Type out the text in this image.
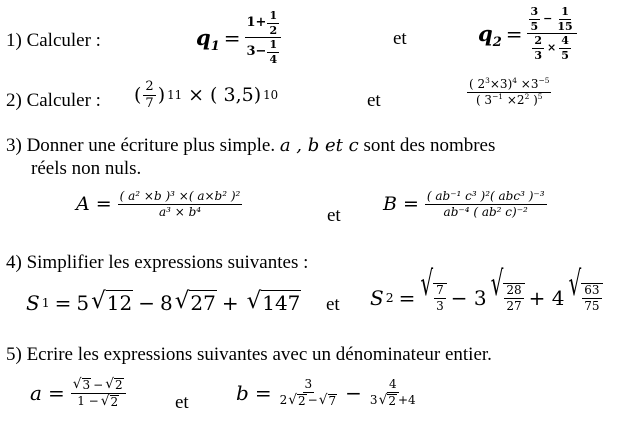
1) Calculer :	$q_1 = \frac{1+ \frac{1}{2}}{3- \frac{1}{4}}$	et	$q_2 = \frac{\frac{3}{5} - \frac{1}{15}}{\frac{2}{3} \times \frac{4}{5}}$
2) Calculer : ( $\frac{2}{7}$ ) 11 × ( 3,5) 10	et	$\frac{( 2^3\times 3)^4 \times 3^{-5}}{( 3^{-1} \times 2^2 )^5}$
3) Donner une écriture plus simple. a , b et c sont des nombres
réels non nuls.
$A = \frac{\text{( a² ×b )³ ×( a×b² )²}}{\text{a³ × b⁴}}$	et
$B = \frac{\text{( ab⁻¹ c³ )²( abc³ )⁻³}}{\text{ab⁻⁴ ( ab² c)⁻²}}$
4) Simplifier les expressions suivantes :
S 1 = 5 √ 12 − 8 √ 27 + √ 147 et S 2 = √ $\frac{7}{3} - 3$ √ $\frac{28}{27} + 4$ √ $\frac{63}{75}$
5) Ecrire les expressions suivantes avec un dénominateur entier.
$a = \frac{√ 3 - √ 2}{1 - √ 2}$	et $b = \frac{3}{2 √ 2 - √ 7} - \frac{4}{3 √ 2 +4}$
